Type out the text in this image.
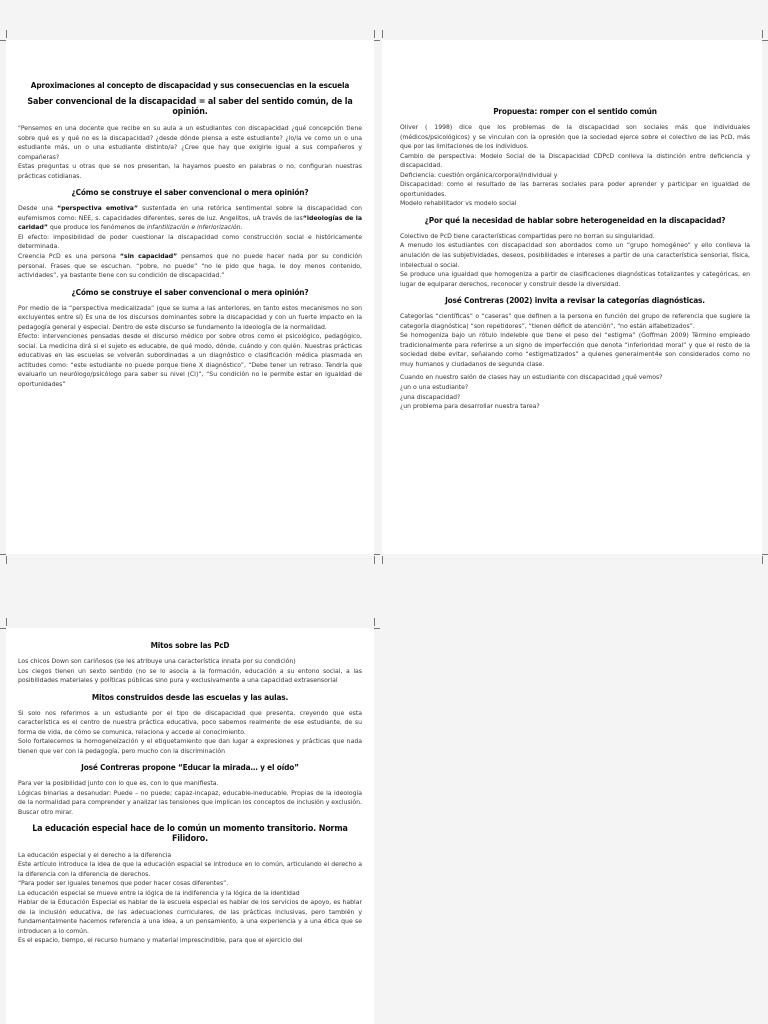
Aproximaciones al concepto de discapacidad y sus consecuencias en la escuela
Saber convencional de la discapacidad = al saber del sentido común, de la opinión.

"Pensemos en una docente que recibe en su aula a un estudiantes con discapacidad ¿qué concepción tiene sobre qué es y qué no es la discapacidad? ¿desde dónde piensa a este estudiante? ¿lo/la ve como un o una estudiante más, un o una estudiante distinto/a? ¿Cree que hay que exigirle igual a sus compañeros y compañeras?

Estas preguntas u otras que se nos presentan, la hayamos puesto en palabras o no, configuran nuestras prácticas cotidianas.

¿Cómo se construye el saber convencional o mera opinión?

Desde una “perspectiva emotiva” sustentada en una retórica sentimental sobre la discapacidad con eufemismos como: NEE, s. capacidades diferentes, seres de luz. Angelitos, uA través de las“ideologías de la caridad” que produce los fenómenos de infantilización e inferiorización.

El efecto: imposibilidad de poder cuestionar la discapacidad como construcción social e históricamente determinada.

Creencia PcD es una persona “sin capacidad” pensamos que no puede hacer nada por su condición personal. Frases que se escuchan. “pobre, no puede” “no le pido que haga, le doy menos contenido, actividades”, ya bastante tiene con su condición de discapacidad.”

¿Cómo se construye el saber convencional o mera opinión?

Por medio de la “perspectiva medicalizada” (que se suma a las anteriores, en tanto estos mecanismos no son excluyentes entre sí) Es una de los discursos dominantes sobre la discapacidad y con un fuerte impacto en la pedagogía general y especial. Dentro de este discurso se fundamento la ideología de la normalidad.

Efecto: intervenciones pensadas desde el discurso médico por sobre otros como el psicológico, pedagógico, social. La medicina dirá si el sujeto es educable, de qué modo, dónde, cuándo y con quién. Nuestras prácticas educativas en las escuelas se volverán subordinadas a un diagnóstico o clasificación médica plasmada en actitudes como: “este estudiante no puede porque tiene X diagnóstico”, “Debe tener un retraso. Tendría que evaluarlo un neurólogo/psicólogo para saber su nivel (CI)”, “Su condición no le permite estar en igualdad de oportunidades”

Propuesta: romper con el sentido común

Oliver ( 1998) dice que los problemas de la discapacidad son sociales más que individuales (médicos/psicológicos) y se vinculan con la opresión que la sociedad ejerce sobre el colectivo de las PcD, más que por las limitaciones de los individuos.

Cambio de perspectiva: Modelo Social de la Discapacidad CDPcD conlleva la distinción entre deficiencia y discapacidad.

Deficiencia: cuestión orgánica/corporal/individual y

Discapacidad: como el resultado de las barreras sociales para poder aprender y participar en igualdad de oportunidades.

Modelo rehabilitador vs modelo social

¿Por qué la necesidad de hablar sobre heterogeneidad en la discapacidad?

Colectivo de PcD tiene características compartidas pero no borran su singularidad.

A menudo los estudiantes con discapacidad son abordados como un “grupo homogéneo” y ello conlleva la anulación de las subjetividades, deseos, posibilidades e intereses a partir de una característica sensorial, física, intelectual o social.

Se produce una igualdad que homogeniza a partir de clasificaciones diagnósticas totalizantes y categóricas, en lugar de equiparar derechos, reconocer y construir desde la diversidad.

José Contreras (2002) invita a revisar la categorías diagnósticas.

Categorías “científicas” o “caseras” que definen a la persona en función del grupo de referencia que sugiere la categoría diagnóstica) “son repetidores”, “tienen déficit de atención”, “no están alfabetizados”.

Se homogeniza bajo un rótulo indeleble que tiene el peso del “estigma” (Goffman 2009) Término empleado tradicionalmente para referirse a un signo de imperfección que denota “inferioridad moral” y que el resto de la sociedad debe evitar, señalando como “estigmatizados” a quienes generalment4e son considerados como no muy humanos y ciudadanos de segunda clase.

Cuando en nuestro salón de clases hay un estudiante con discapacidad ¿qué vemos?

¿un o una estudiante?

¿una discapacidad?

¿un problema para desarrollar nuestra tarea?

Mitos sobre las PcD

Los chicos Down son cariñosos (se les atribuye una característica innata por su condición)

Los ciegos tienen un sexto sentido (no se lo asocia a la formación, educación a su entono social, a las posibilidades materiales y políticas públicas sino pura y exclusivamente a una capacidad extrasensorial

Mitos construidos desde las escuelas y las aulas.

Si solo nos referimos a un estudiante por el tipo de discapacidad que presenta, creyendo que esta característica es el centro de nuestra práctica educativa, poco sabemos realmente de ese estudiante, de su forma de vida, de cómo se comunica, relaciona y accede al conocimiento.

Solo fortalecemos la homogeneización y el etiquetamiento que dan lugar a expresiones y prácticas que nada tienen que ver con la pedagogía, pero mucho con la discriminación

José Contreras propone “Educar la mirada… y el oído”

Para ver la posibilidad junto con lo que es, con lo que manifiesta.

Lógicas binarias a desanudar: Puede – no puede; capaz-incapaz, educable-ineducable. Propias de la ideología de la normalidad para comprender y analizar las tensiones que implican los conceptos de inclusión y exclusión. Buscar otro mirar.

La educación especial hace de lo común un momento transitorio. Norma Filidoro.

La educación especial y el derecho a la diferencia

Este artículo introduce la idea de que la educación espacial se introduce en lo común, articulando el derecho a la diferencia con la diferencia de derechos.

“Para poder ser iguales tenemos que poder hacer cosas diferentes”.

La educación especial se mueve entre la lógica de la indiferencia y la lógica de la identidad

Hablar de la Educación Especial es hablar de la escuela especial es hablar de los servicios de apoyo, es hablar de la inclusión educativa, de las adecuaciones curriculares, de las prácticas inclusivas, pero también y fundamentalmente hacemos referencia a una idea, a un pensamiento, a una experiencia y a una ética que se introducen a lo común.

Es el espacio, tiempo, el recurso humano y material imprescindible, para que el ejercicio del
